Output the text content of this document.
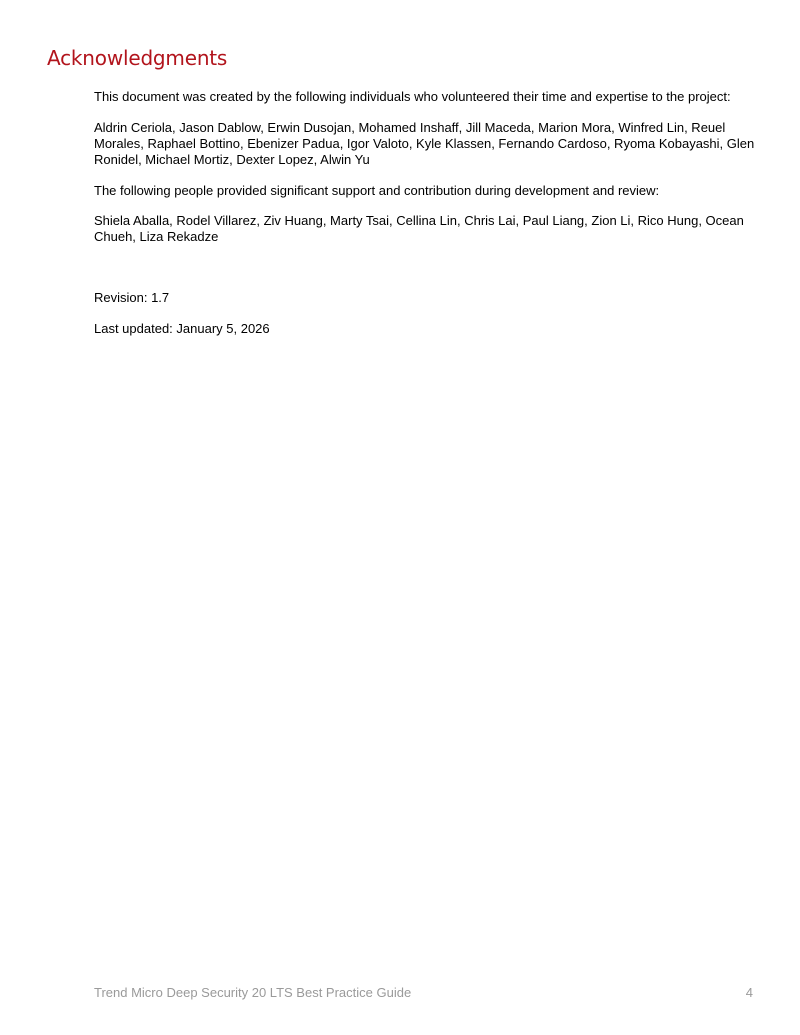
Acknowledgments

This document was created by the following individuals who volunteered their time and expertise to the project:

Aldrin Ceriola, Jason Dablow, Erwin Dusojan, Mohamed Inshaff, Jill Maceda, Marion Mora, Winfred Lin, Reuel Morales, Raphael Bottino, Ebenizer Padua, Igor Valoto, Kyle Klassen, Fernando Cardoso, Ryoma Kobayashi, Glen Ronidel, Michael Mortiz, Dexter Lopez, Alwin Yu

The following people provided significant support and contribution during development and review:

Shiela Aballa, Rodel Villarez, Ziv Huang, Marty Tsai, Cellina Lin, Chris Lai, Paul Liang, Zion Li, Rico Hung, Ocean Chueh, Liza Rekadze

Revision: 1.7

Last updated: January 5, 2026

Trend Micro Deep Security 20 LTS Best Practice Guide	4
